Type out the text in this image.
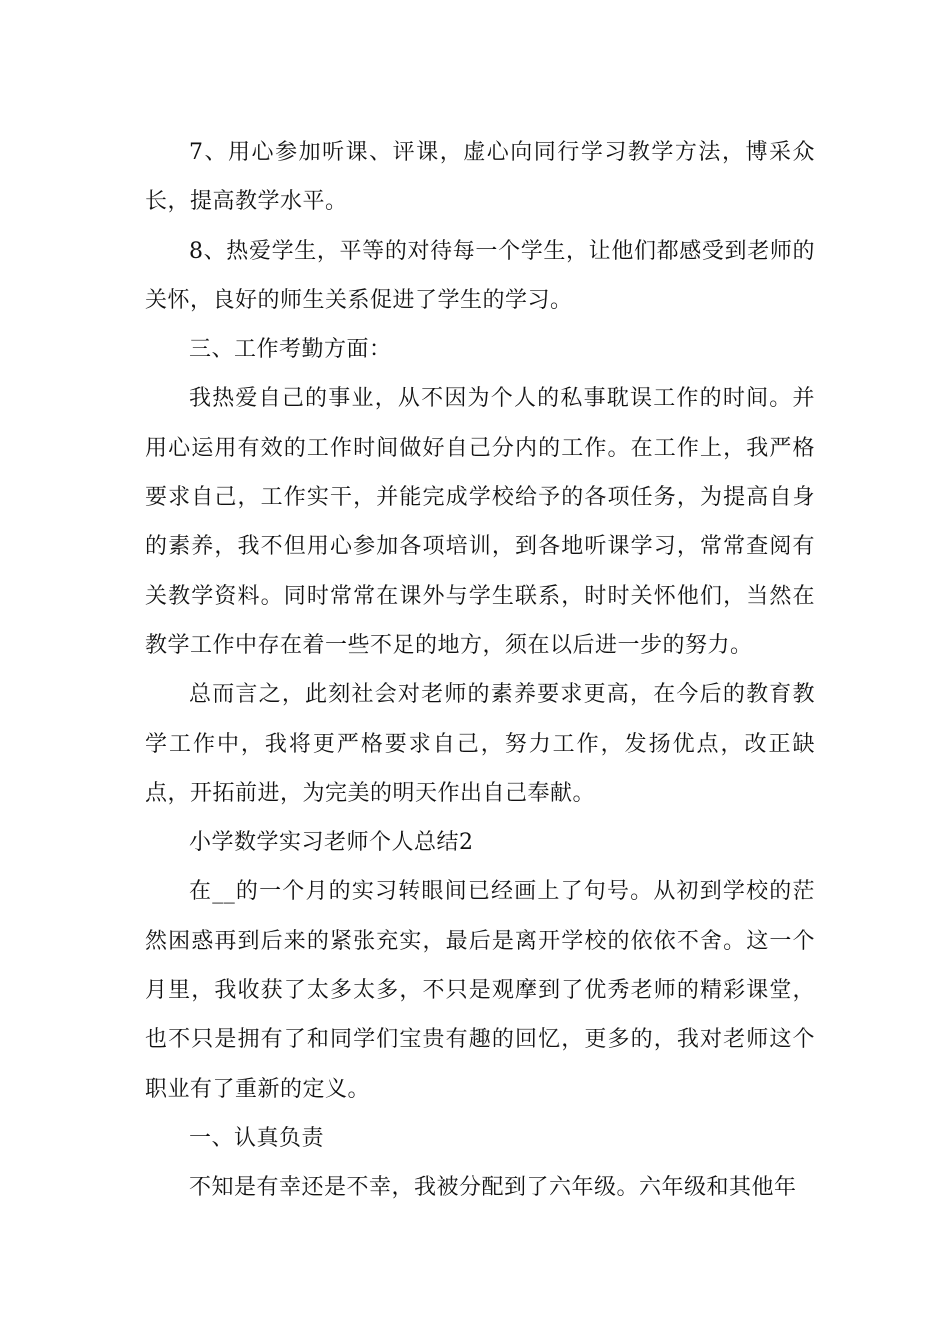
7、用心参加听课、评课，虚心向同行学习教学方法，博采众长，提高教学水平。

8、热爱学生，平等的对待每一个学生，让他们都感受到老师的关怀，良好的师生关系促进了学生的学习。

三、工作考勤方面：

我热爱自己的事业，从不因为个人的私事耽误工作的时间。并用心运用有效的工作时间做好自己分内的工作。在工作上，我严格要求自己，工作实干，并能完成学校给予的各项任务，为提高自身的素养，我不但用心参加各项培训，到各地听课学习，常常查阅有关教学资料。同时常常在课外与学生联系，时时关怀他们，当然在教学工作中存在着一些不足的地方，须在以后进一步的努力。

总而言之，此刻社会对老师的素养要求更高，在今后的教育教学工作中，我将更严格要求自己，努力工作，发扬优点，改正缺点，开拓前进，为完美的明天作出自己奉献。

小学数学实习老师个人总结2

在__的一个月的实习转眼间已经画上了句号。从初到学校的茫然困惑再到后来的紧张充实，最后是离开学校的依依不舍。这一个月里，我收获了太多太多，不只是观摩到了优秀老师的精彩课堂，也不只是拥有了和同学们宝贵有趣的回忆，更多的，我对老师这个职业有了重新的定义。

一、认真负责

不知是有幸还是不幸，我被分配到了六年级。六年级和其他年
